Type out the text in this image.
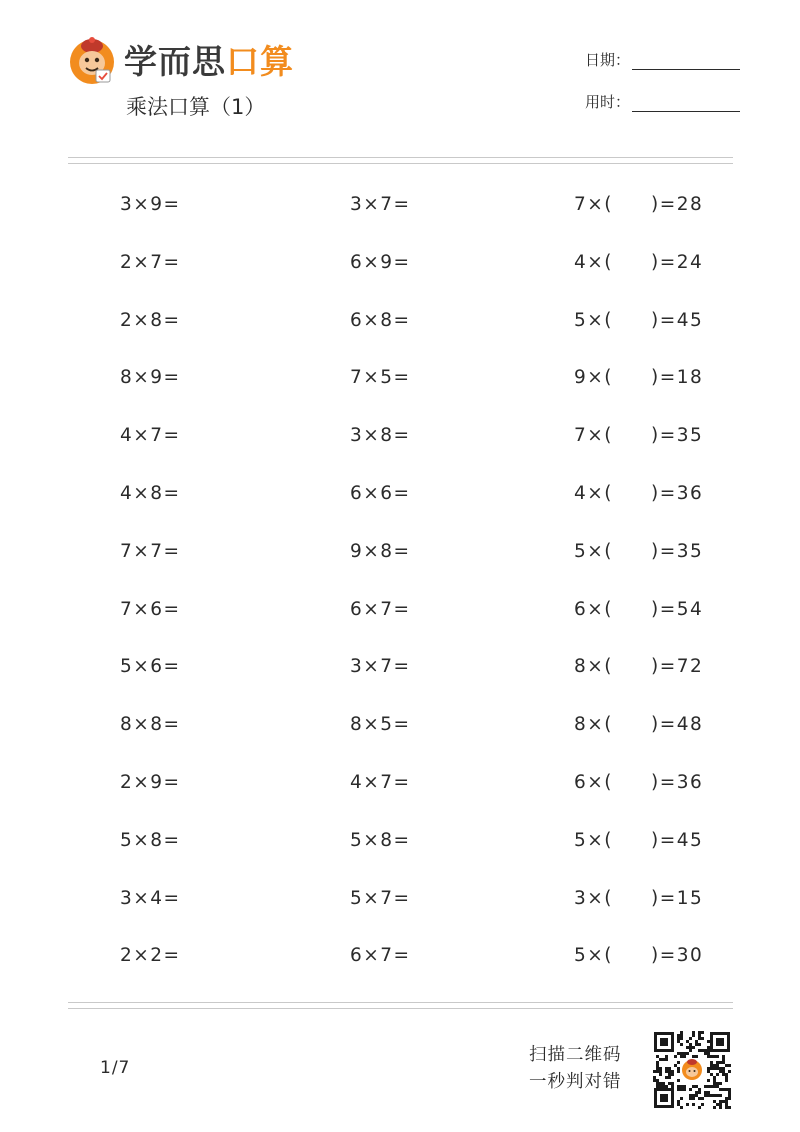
学而思口算
乘法口算（1）
日期：
用时：
3×9=	3×7=	7×( )=28
2×7=	6×9=	4×( )=24
2×8=	6×8=	5×( )=45
8×9=	7×5=	9×( )=18
4×7=	3×8=	7×( )=35
4×8=	6×6=	4×( )=36
7×7=	9×8=	5×( )=35
7×6=	6×7=	6×( )=54
5×6=	3×7=	8×( )=72
8×8=	8×5=	8×( )=48
2×9=	4×7=	6×( )=36
5×8=	5×8=	5×( )=45
3×4=	5×7=	3×( )=15
2×2=	6×7=	5×( )=30
1/7
扫描二维码
一秒判对错
